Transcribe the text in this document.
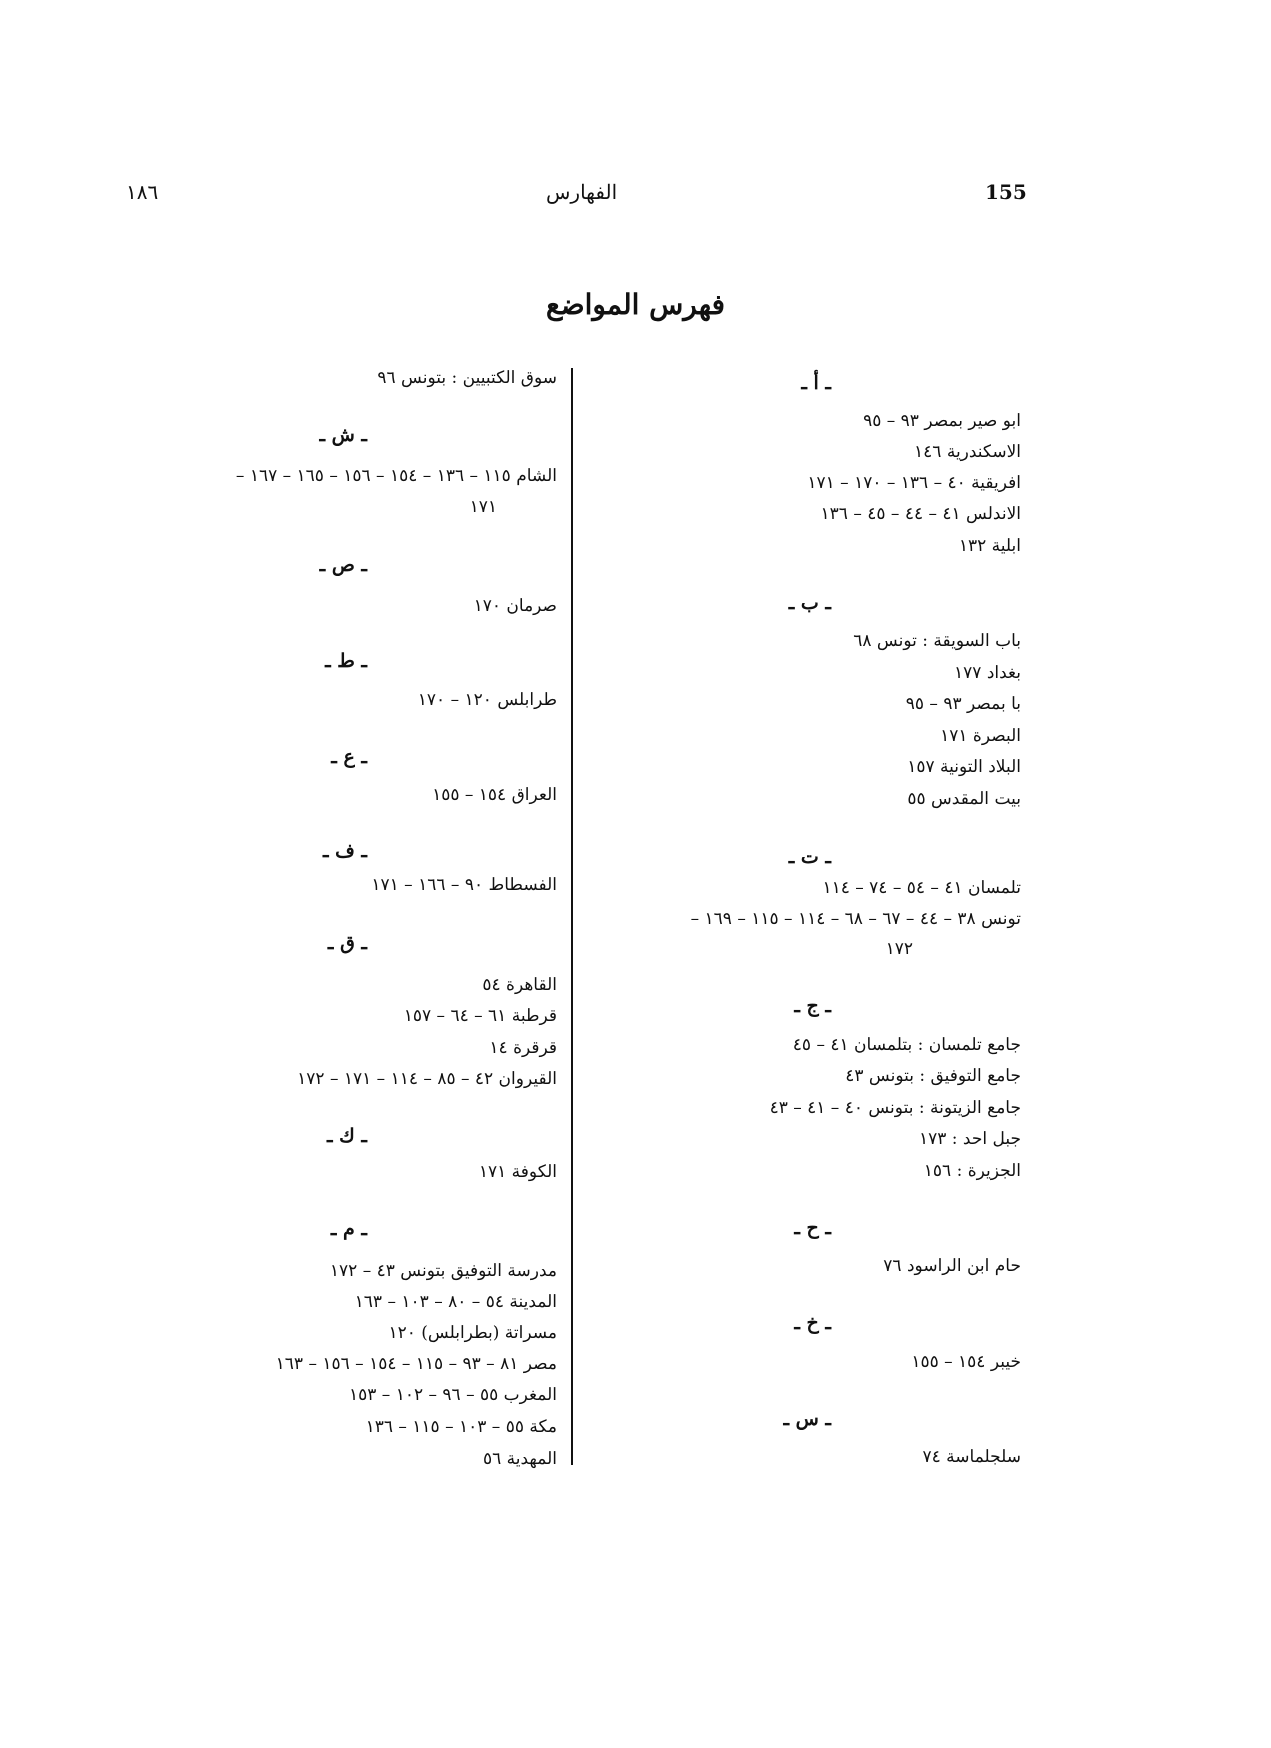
155
الفهارس
١٨٦
فهرس المواضع
ـ أ ـ
ابو صير بمصر ٩٣ – ٩٥
الاسكندرية ١٤٦
افريقية ٤٠ – ١٣٦ – ١٧٠ – ١٧١
الاندلس ٤١ – ٤٤ – ٤٥ – ١٣٦
ابلية ١٣٢
ـ ب ـ
باب السويقة : تونس ٦٨
بغداد ١٧٧
با بمصر ٩٣ – ٩٥
البصرة ١٧١
البلاد التونية ١٥٧
بيت المقدس ٥٥
ـ ت ـ
تلمسان ٤١ – ٥٤ – ٧٤ – ١١٤
تونس ٣٨ – ٤٤ – ٦٧ – ٦٨ – ١١٤ – ١١٥ – ١٦٩ –
١٧٢
ـ ج ـ
جامع تلمسان : بتلمسان ٤١ – ٤٥
جامع التوفيق : بتونس ٤٣
جامع الزيتونة : بتونس ٤٠ – ٤١ – ٤٣
جبل احد : ١٧٣
الجزيرة : ١٥٦
ـ ح ـ
حام ابن الراسود ٧٦
ـ خ ـ
خيبر ١٥٤ – ١٥٥
ـ س ـ
سلجلماسة ٧٤
سوق الكتبيين : بتونس ٩٦
ـ ش ـ
الشام ١١٥ – ١٣٦ – ١٥٤ – ١٥٦ – ١٦٥ – ١٦٧ –
١٧١
ـ ص ـ
صرمان ١٧٠
ـ ط ـ
طرابلس ١٢٠ – ١٧٠
ـ ع ـ
العراق ١٥٤ – ١٥٥
ـ ف ـ
الفسطاط ٩٠ – ١٦٦ – ١٧١
ـ ق ـ
القاهرة ٥٤
قرطبة ٦١ – ٦٤ – ١٥٧
قرقرة ١٤
القيروان ٤٢ – ٨٥ – ١١٤ – ١٧١ – ١٧٢
ـ ك ـ
الكوفة ١٧١
ـ م ـ
مدرسة التوفيق بتونس ٤٣ – ١٧٢
المدينة ٥٤ – ٨٠ – ١٠٣ – ١٦٣
مسراتة (بطرابلس) ١٢٠
مصر ٨١ – ٩٣ – ١١٥ – ١٥٤ – ١٥٦ – ١٦٣
المغرب ٥٥ – ٩٦ – ١٠٢ – ١٥٣
مكة ٥٥ – ١٠٣ – ١١٥ – ١٣٦
المهدية ٥٦
